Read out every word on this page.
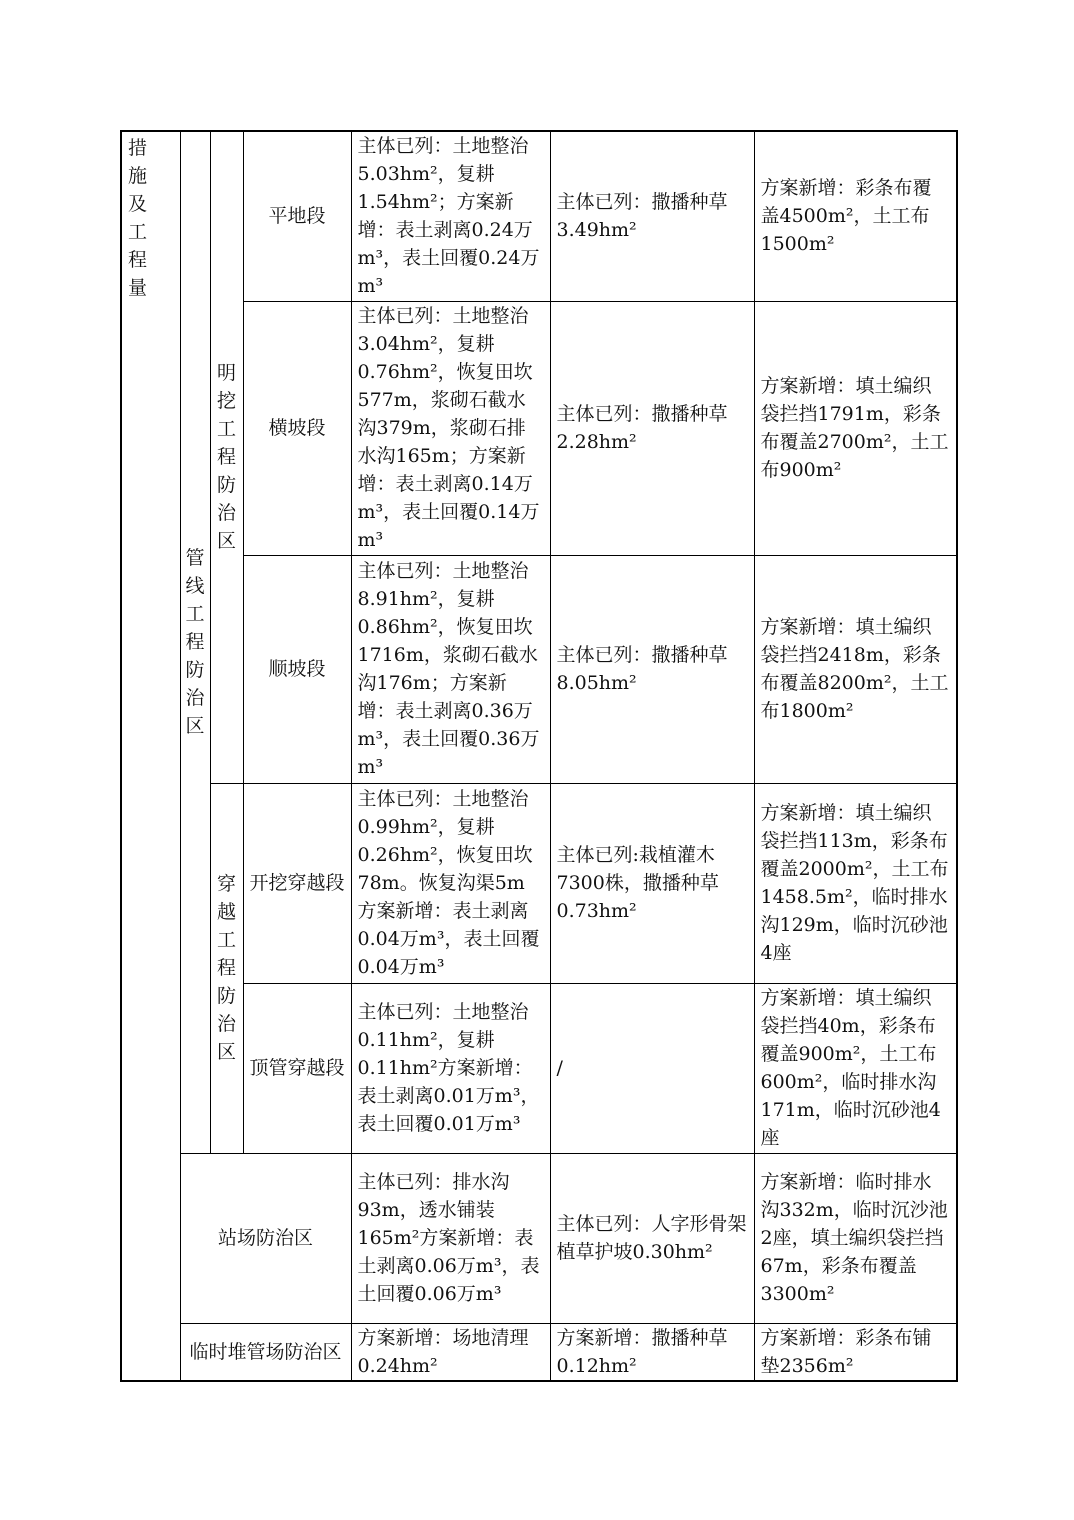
措施及工程量	管线工程防治区	明挖工程防治区	平地段	主体已列：土地整治5.03hm²，复耕1.54hm²；方案新增：表土剥离0.24万m³，表土回覆0.24万m³	主体已列：撒播种草3.49hm²	方案新增：彩条布覆盖4500m²，土工布1500m²
			横坡段	主体已列：土地整治3.04hm²，复耕0.76hm²，恢复田坎577m，浆砌石截水沟379m，浆砌石排水沟165m；方案新增：表土剥离0.14万m³，表土回覆0.14万m³	主体已列：撒播种草2.28hm²	方案新增：填土编织袋拦挡1791m，彩条布覆盖2700m²，土工布900m²
			顺坡段	主体已列：土地整治8.91hm²，复耕0.86hm²，恢复田坎1716m，浆砌石截水沟176m；方案新增：表土剥离0.36万m³，表土回覆0.36万m³	主体已列：撒播种草8.05hm²	方案新增：填土编织袋拦挡2418m，彩条布覆盖8200m²，土工布1800m²

		穿越工程防治区	开挖穿越段	主体已列：土地整治0.99hm²，复耕0.26hm²，恢复田坎78m。恢复沟渠5m方案新增：表土剥离0.04万m³，表土回覆0.04万m³	主体已列:栽植灌木7300株，撒播种草0.73hm²	方案新增：填土编织袋拦挡113m，彩条布覆盖2000m²，土工布1458.5m²，临时排水沟129m，临时沉砂池4座
			顶管穿越段	主体已列：土地整治0.11hm²，复耕0.11hm²方案新增：表土剥离0.01万m³，表土回覆0.01万m³	/	方案新增：填土编织袋拦挡40m，彩条布覆盖900m²，土工布600m²，临时排水沟171m，临时沉砂池4座
	站场防治区			主体已列：排水沟93m，透水铺装165m²方案新增：表土剥离0.06万m³，表土回覆0.06万m³	主体已列：人字形骨架植草护坡0.30hm²	方案新增：临时排水沟332m，临时沉沙池2座，填土编织袋拦挡67m，彩条布覆盖3300m²
	临时堆管场防治区			方案新增：场地清理0.24hm²	方案新增：撒播种草0.12hm²	方案新增：彩条布铺垫2356m²
